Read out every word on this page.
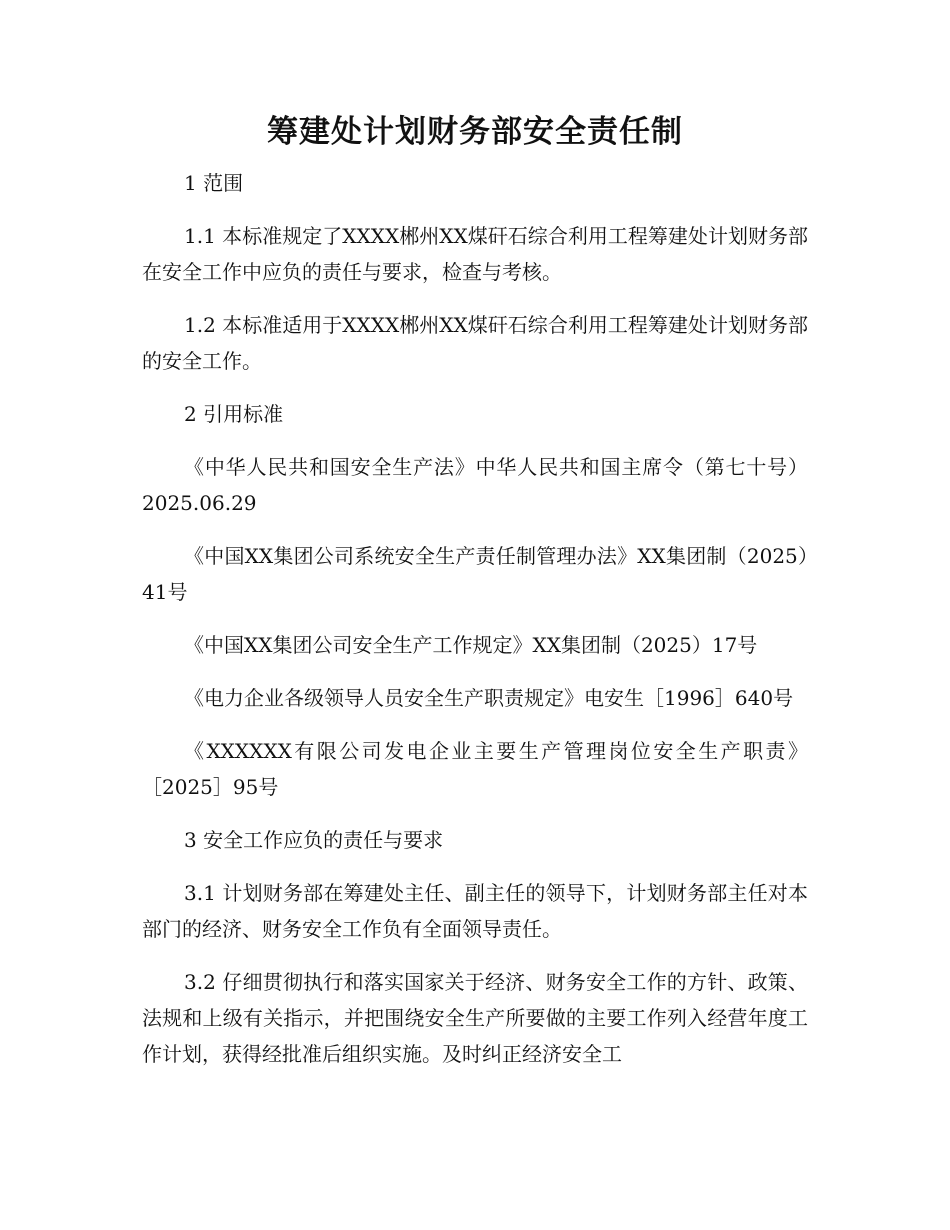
筹建处计划财务部安全责任制

1 范围

1.1 本标准规定了XXXX郴州XX煤矸石综合利用工程筹建处计划财务部在安全工作中应负的责任与要求，检查与考核。

1.2 本标准适用于XXXX郴州XX煤矸石综合利用工程筹建处计划财务部的安全工作。

2 引用标准

《中华人民共和国安全生产法》中华人民共和国主席令（第七十号）2025.06.29

《中国XX集团公司系统安全生产责任制管理办法》XX集团制（2025）41号

《中国XX集团公司安全生产工作规定》XX集团制（2025）17号

《电力企业各级领导人员安全生产职责规定》电安生［1996］640号

《XXXXXX有限公司发电企业主要生产管理岗位安全生产职责》［2025］95号

3 安全工作应负的责任与要求

3.1 计划财务部在筹建处主任、副主任的领导下，计划财务部主任对本部门的经济、财务安全工作负有全面领导责任。

3.2 仔细贯彻执行和落实国家关于经济、财务安全工作的方针、政策、法规和上级有关指示，并把围绕安全生产所要做的主要工作列入经营年度工作计划，获得经批准后组织实施。及时纠正经济安全工
